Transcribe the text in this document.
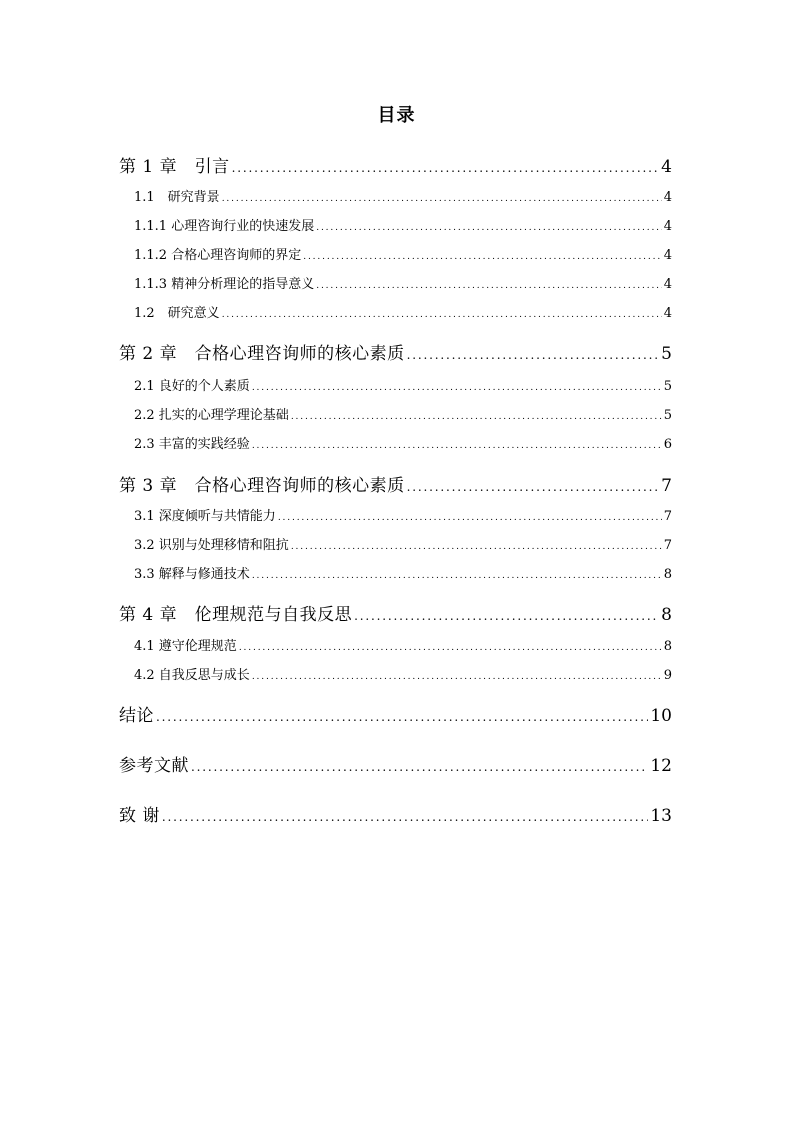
目录
第 1 章　引言 . . .	4
1.1　研究背景 . . .	4
1.1.1 心理咨询行业的快速发展 . . .	4
1.1.2 合格心理咨询师的界定 . . .	4
1.1.3 精神分析理论的指导意义 . . .	4
1.2　研究意义 . . .	4
第 2 章　合格心理咨询师的核心素质 . . .	5
2.1 良好的个人素质 . . .	5
2.2 扎实的心理学理论基础 . . .	5
2.3 丰富的实践经验 . . .	6
第 3 章　合格心理咨询师的核心素质 . . .	7
3.1 深度倾听与共情能力 . . .	7
3.2 识别与处理移情和阻抗 . . .	7
3.3 解释与修通技术 . . .	8
第 4 章　伦理规范与自我反思 . . .	8
4.1 遵守伦理规范 . . .	8
4.2 自我反思与成长 . . .	9
结论 . . .	10
参考文献 . . .	12
致 谢 . . .	13
